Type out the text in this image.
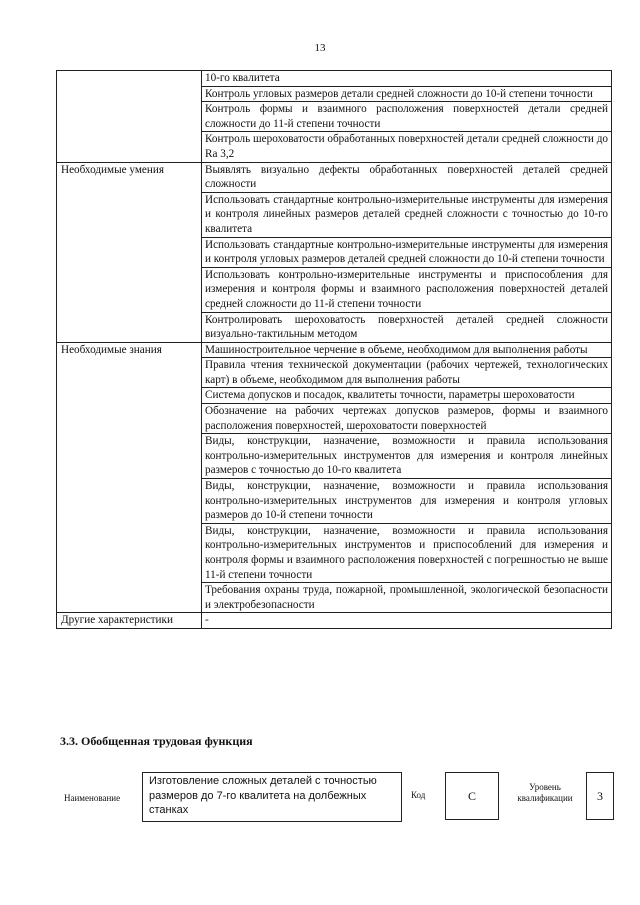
13
	10-го квалитета
	Контроль угловых размеров детали средней сложности до 10-й степени точности
	Контроль формы и взаимного расположения поверхностей детали средней сложности до 11-й степени точности
	Контроль шероховатости обработанных поверхностей детали средней сложности до Ra 3,2
Необходимые умения	Выявлять визуально дефекты обработанных поверхностей деталей средней сложности
	Использовать стандартные контрольно-измерительные инструменты для измерения и контроля линейных размеров деталей средней сложности с точностью до 10-го квалитета
	Использовать стандартные контрольно-измерительные инструменты для измерения и контроля угловых размеров деталей средней сложности до 10-й степени точности
	Использовать контрольно-измерительные инструменты и приспособления для измерения и контроля формы и взаимного расположения поверхностей деталей средней сложности до 11-й степени точности
	Контролировать шероховатость поверхностей деталей средней сложности визуально-тактильным методом
Необходимые знания	Машиностроительное черчение в объеме, необходимом для выполнения работы
	Правила чтения технической документации (рабочих чертежей, технологических карт) в объеме, необходимом для выполнения работы
	Система допусков и посадок, квалитеты точности, параметры шероховатости
	Обозначение на рабочих чертежах допусков размеров, формы и взаимного расположения поверхностей, шероховатости поверхностей
	Виды, конструкции, назначение, возможности и правила использования контрольно-измерительных инструментов для измерения и контроля линейных размеров с точностью до 10-го квалитета
	Виды, конструкции, назначение, возможности и правила использования контрольно-измерительных инструментов для измерения и контроля угловых размеров до 10-й степени точности
	Виды, конструкции, назначение, возможности и правила использования контрольно-измерительных инструментов и приспособлений для измерения и контроля формы и взаимного расположения поверхностей с погрешностью не выше 11-й степени точности
	Требования охраны труда, пожарной, промышленной, экологической безопасности и электробезопасности
Другие характеристики	-
3.3. Обобщенная трудовая функция
Наименование
Изготовление сложных деталей с точностью размеров до 7-го квалитета на долбежных станках
Код	C
Уровень квалификации	3
